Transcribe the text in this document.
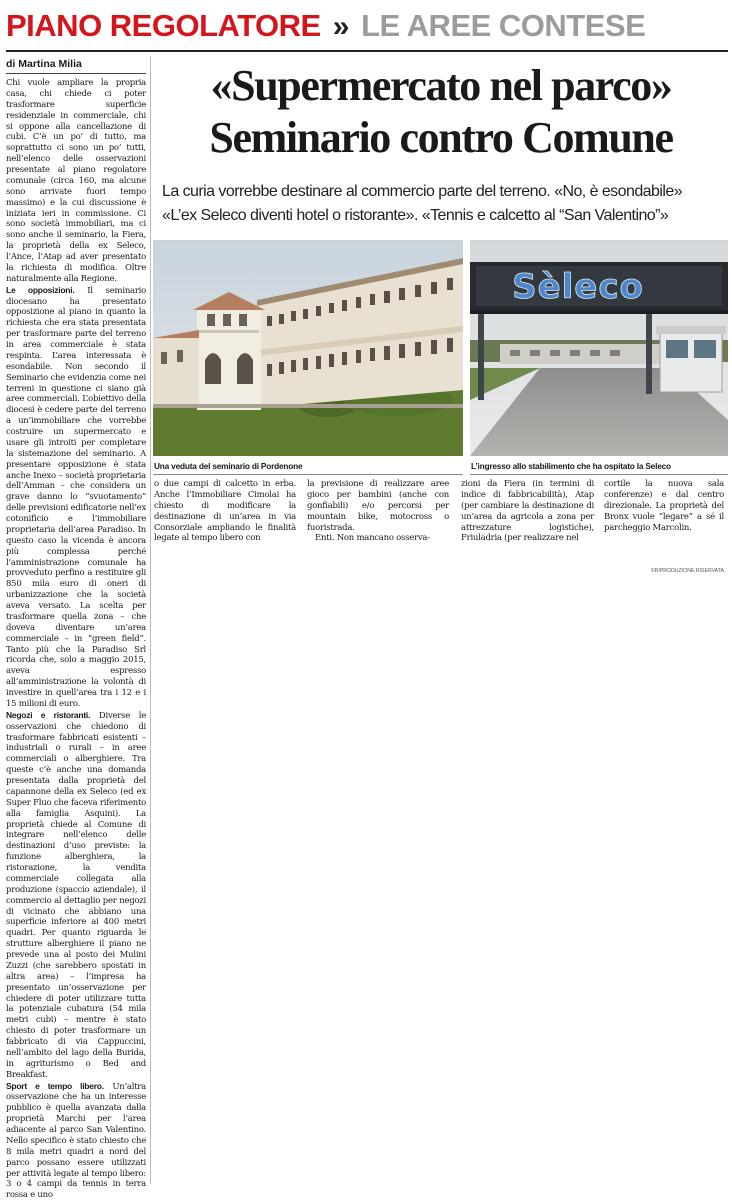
PIANO REGOLATORE » LE AREE CONTESE
di Martina Milia

Chi vuole ampliare la propria casa, chi chiede ci poter trasformare superficie residenziale in commerciale, chi si oppone alla cancellazione di cubi. C’è un po’ di tutto, ma soprattutto ci sono un po’ tutti, nell’elenco delle osservazioni presentate al piano regolatore comunale (circa 160, ma alcune sono arrivate fuori tempo massimo) e la cui discussione è iniziata ieri in commissione. Ci sono società immobiliari, ma ci sono anche il seminario, la Fiera, la proprietà della ex Seleco, l’Ance, l’Atap ad aver presentato la richiesta di modifica. Oltre naturalmente alla Regione.

Le opposizioni. Il seminario diocesano ha presentato opposizione al piano in quanto la richiesta che era stata presentata per trasformare parte del terreno in area commerciale è stata respinta. L’area interessata è esondabile. Non secondo il Seminario che evidenzia come nei terreni in questione ci siano già aree commerciali. L’obiettivo della diocesi è cedere parte del terreno a un’immobiliare che vorrebbe costruire un supermercato e usare gli introiti per completare la sistemazione del seminario. A presentare opposizione è stata anche Inexo – società proprietaria dell’Amman – che considera un grave danno lo “svuotamento” delle previsioni edificatorie nell’ex cotonificio e l’immobiliare proprietaria dell’area Paradiso. In questo caso la vicenda è ancora più complessa perché l’amministrazione comunale ha provveduto perfino a restituire gli 850 mila euro di oneri di urbanizzazione che la società aveva versato. La scelta per trasformare quella zona – che doveva diventare un’area commerciale – in “green field”. Tanto più che la Paradiso Srl ricorda che, solo a maggio 2015, aveva espresso all’amministrazione la volontà di investire in quell’area tra i 12 e i 15 milioni di euro.

Negozi e ristoranti. Diverse le osservazioni che chiedono di trasformare fabbricati esistenti – industriali o rurali – in aree commerciali o alberghiere. Tra queste c’è anche una domanda presentata dalla proprietà del capannone della ex Seleco (ed ex Super Fluo che faceva riferimento alla famiglia Asquini). La proprietà chiede al Comune di integrare nell’elenco delle destinazioni d’uso previste: la funzione alberghiera, la ristorazione, la vendita commerciale collegata alla produzione (spaccio aziendale), il commercio al dettaglio per negozi di vicinato che abbiano una superficie inferiore ai 400 metri quadri. Per quanto riguarda le strutture alberghiere il piano ne prevede una al posto dei Mulini Zuzzi (che sarebbero spostati in altra area) – l’impresa ha presentato un’osservazione per chiedere di poter utilizzare tutta la potenziale cubatura (54 mila metri cubi) – mentre è stato chiesto di poter trasformare un fabbricato di via Cappuccini, nell’ambito del lago della Burida, in agriturismo o Bed and Breakfast.

Sport e tempo libero. Un’altra osservazione che ha un interesse pubblico è quella avanzata dalla proprietà Marchi per l’area adiacente al parco San Valentino. Nello specifico è stato chiesto che 8 mila metri quadri a nord del parco possano essere utilizzati per attività legate al tempo libero: 3 o 4 campi da tennis in terra rossa e uno

«Supermercato nel parco»
Seminario contro Comune
La curia vorrebbe destinare al commercio parte del terreno. «No, è esondabile»
«L’ex Seleco diventi hotel o ristorante». «Tennis e calcetto al “San Valentino”»
Sèleco
Una veduta del seminario di Pordenone	L’ingresso allo stabilimento che ha ospitato la Seleco
o due campi di calcetto in erba. Anche l’Immobiliare Cimolai ha chiesto di modificare la destinazione di un’area in via Consorziale ampliando le finalità legate al tempo libero con
la previsione di realizzare aree gioco per bambini (anche con gonfiabili) e/o percorsi per mountain bike, motocross o fuoristrada.
Enti. Non mancano osserva-
zioni da Fiera (in termini di indice di fabbricabilità), Atap (per cambiare la destinazione di un’area da agricola a zona per attrezzature logistiche), Friuladria (per realizzare nel
cortile la nuova sala conferenze) e dal centro direzionale. La proprietà del Bronx vuole “legare” a sé il parcheggio Marcolin.
©RIPRODUZIONE RISERVATA
